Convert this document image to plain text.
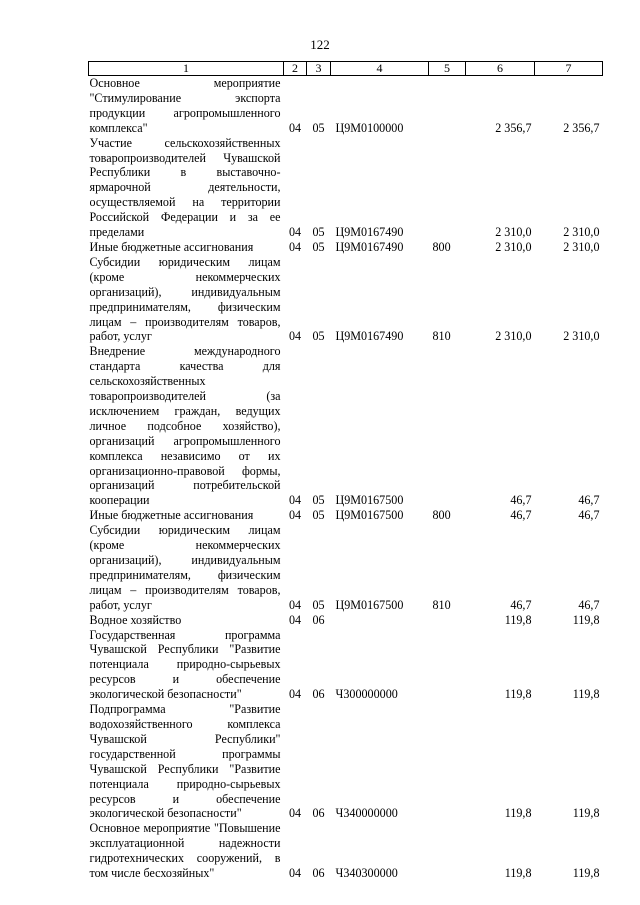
122
1	2	3	4	5	6	7
Основное мероприятие "Стимулирование экспорта продукции агропромышленного комплекса"	04	05	Ц9М0100000		2 356,7	2 356,7
Участие сельскохозяйственных товаропроизводителей Чувашской Республики в выставочно-ярмарочной деятельности, осуществляемой на территории Российской Федерации и за ее пределами	04	05	Ц9М0167490		2 310,0	2 310,0
Иные бюджетные ассигнования	04	05	Ц9М0167490	800	2 310,0	2 310,0
Субсидии юридическим лицам (кроме некоммерческих организаций), индивидуальным предпринимателям, физическим лицам – производителям товаров, работ, услуг	04	05	Ц9М0167490	810	2 310,0	2 310,0
Внедрение международного стандарта качества для сельскохозяйственных товаропроизводителей (за исключением граждан, ведущих личное подсобное хозяйство), организаций агропромышленного комплекса независимо от их организационно-правовой формы, организаций потребительской кооперации	04	05	Ц9М0167500		46,7	46,7
Иные бюджетные ассигнования	04	05	Ц9М0167500	800	46,7	46,7
Субсидии юридическим лицам (кроме некоммерческих организаций), индивидуальным предпринимателям, физическим лицам – производителям товаров, работ, услуг	04	05	Ц9М0167500	810	46,7	46,7
Водное хозяйство	04	06			119,8	119,8
Государственная программа Чувашской Республики "Развитие потенциала природно-сырьевых ресурсов и обеспечение экологической безопасности"	04	06	Ч300000000		119,8	119,8
Подпрограмма "Развитие водохозяйственного комплекса Чувашской Республики" государственной программы Чувашской Республики "Развитие потенциала природно-сырьевых ресурсов и обеспечение экологической безопасности"	04	06	Ч340000000		119,8	119,8
Основное мероприятие "Повышение эксплуатационной надежности гидротехнических сооружений, в том числе бесхозяйных"	04	06	Ч340300000		119,8	119,8
